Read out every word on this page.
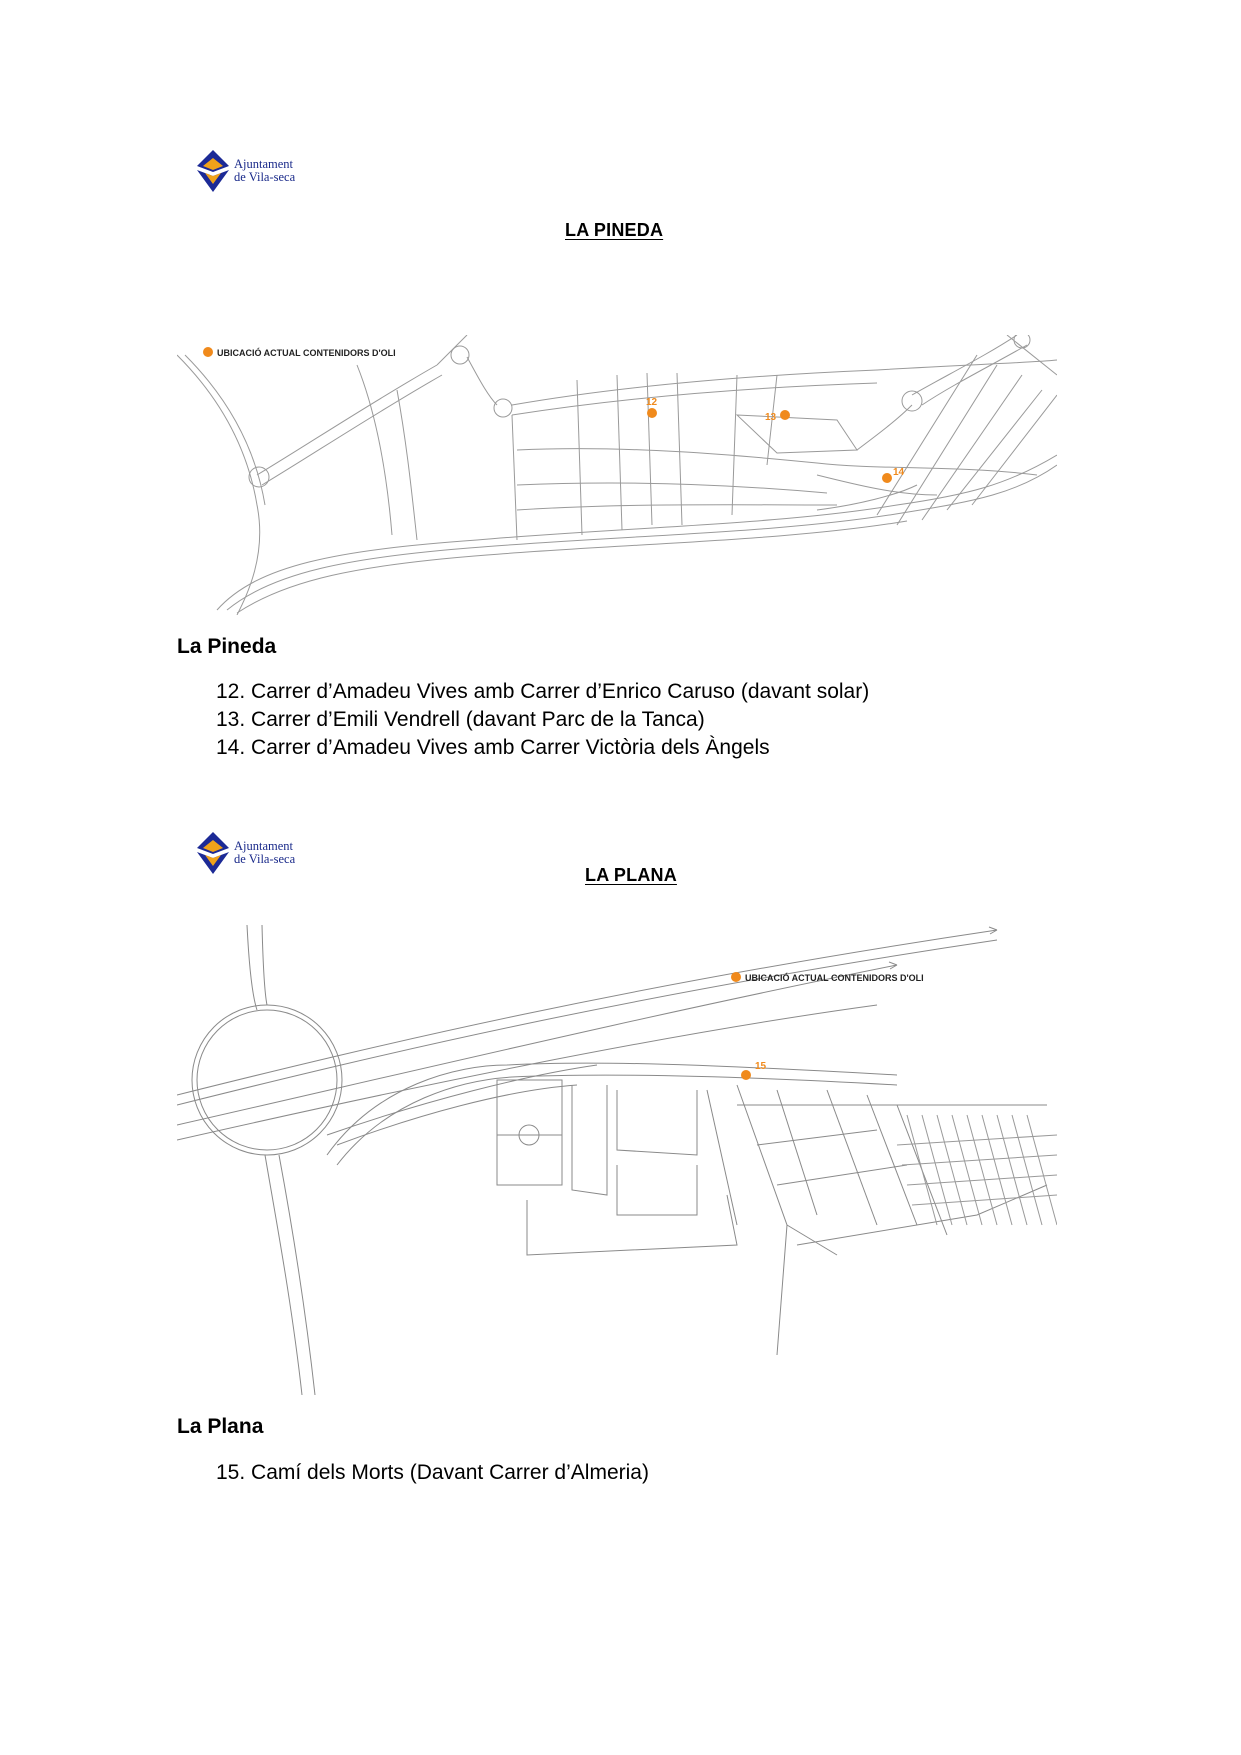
Ajuntament
de Vila-seca
LA PINEDA
UBICACIÓ ACTUAL CONTENIDORS D'OLI
12
13
14
La Pineda
12. Carrer d’Amadeu Vives amb Carrer d’Enrico Caruso (davant solar)
13. Carrer d’Emili Vendrell (davant Parc de la Tanca)
14. Carrer d’Amadeu Vives amb Carrer Victòria dels Àngels
Ajuntament
de Vila-seca
LA PLANA
UBICACIÓ ACTUAL CONTENIDORS D'OLI
15
La Plana
15. Camí dels Morts (Davant Carrer d’Almeria)
